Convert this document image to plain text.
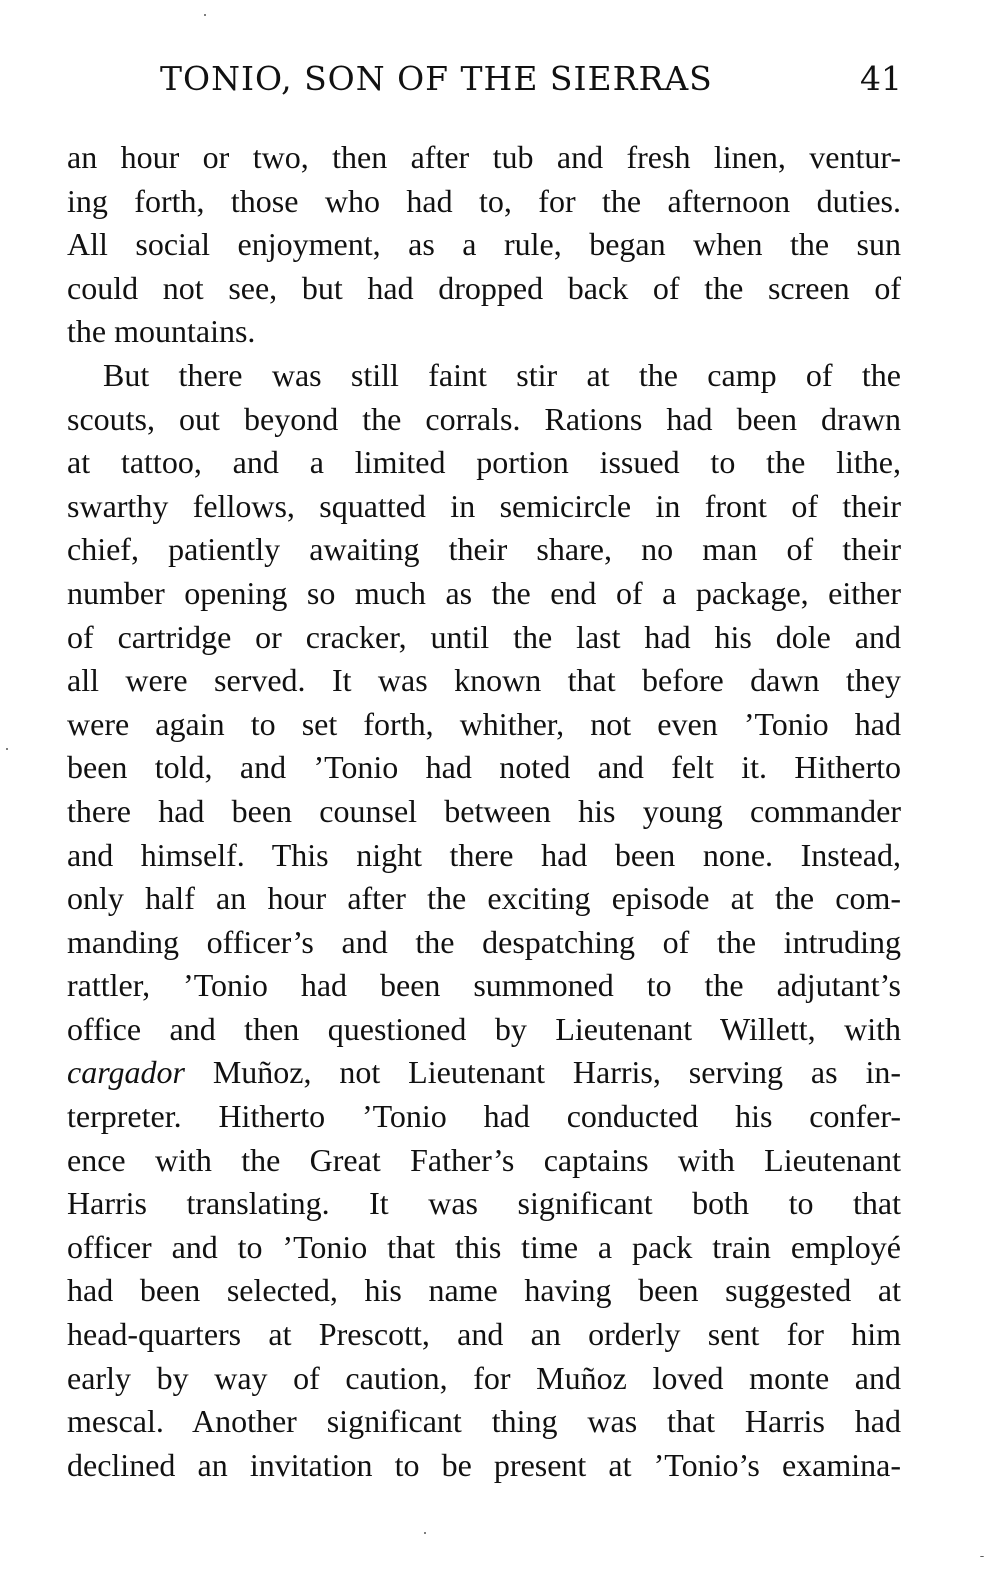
TONIO, SON OF THE SIERRAS	41
an hour or two, then after tub and fresh linen, ventur-
ing forth, those who had to, for the afternoon duties.
All social enjoyment, as a rule, began when the sun
could not see, but had dropped back of the screen of
the mountains.
But there was still faint stir at the camp of the
scouts, out beyond the corrals. Rations had been drawn
at tattoo, and a limited portion issued to the lithe,
swarthy fellows, squatted in semicircle in front of their
chief, patiently awaiting their share, no man of their
number opening so much as the end of a package, either
of cartridge or cracker, until the last had his dole and
all were served. It was known that before dawn they
were again to set forth, whither, not even ’Tonio had
been told, and ’Tonio had noted and felt it. Hitherto
there had been counsel between his young commander
and himself. This night there had been none. Instead,
only half an hour after the exciting episode at the com-
manding officer’s and the despatching of the intruding
rattler, ’Tonio had been summoned to the adjutant’s
office and then questioned by Lieutenant Willett, with
cargador Muñoz, not Lieutenant Harris, serving as in-
terpreter. Hitherto ’Tonio had conducted his confer-
ence with the Great Father’s captains with Lieutenant
Harris translating. It was significant both to that
officer and to ’Tonio that this time a pack train employé
had been selected, his name having been suggested at
head-quarters at Prescott, and an orderly sent for him
early by way of caution, for Muñoz loved monte and
mescal. Another significant thing was that Harris had
declined an invitation to be present at ’Tonio’s examina-
